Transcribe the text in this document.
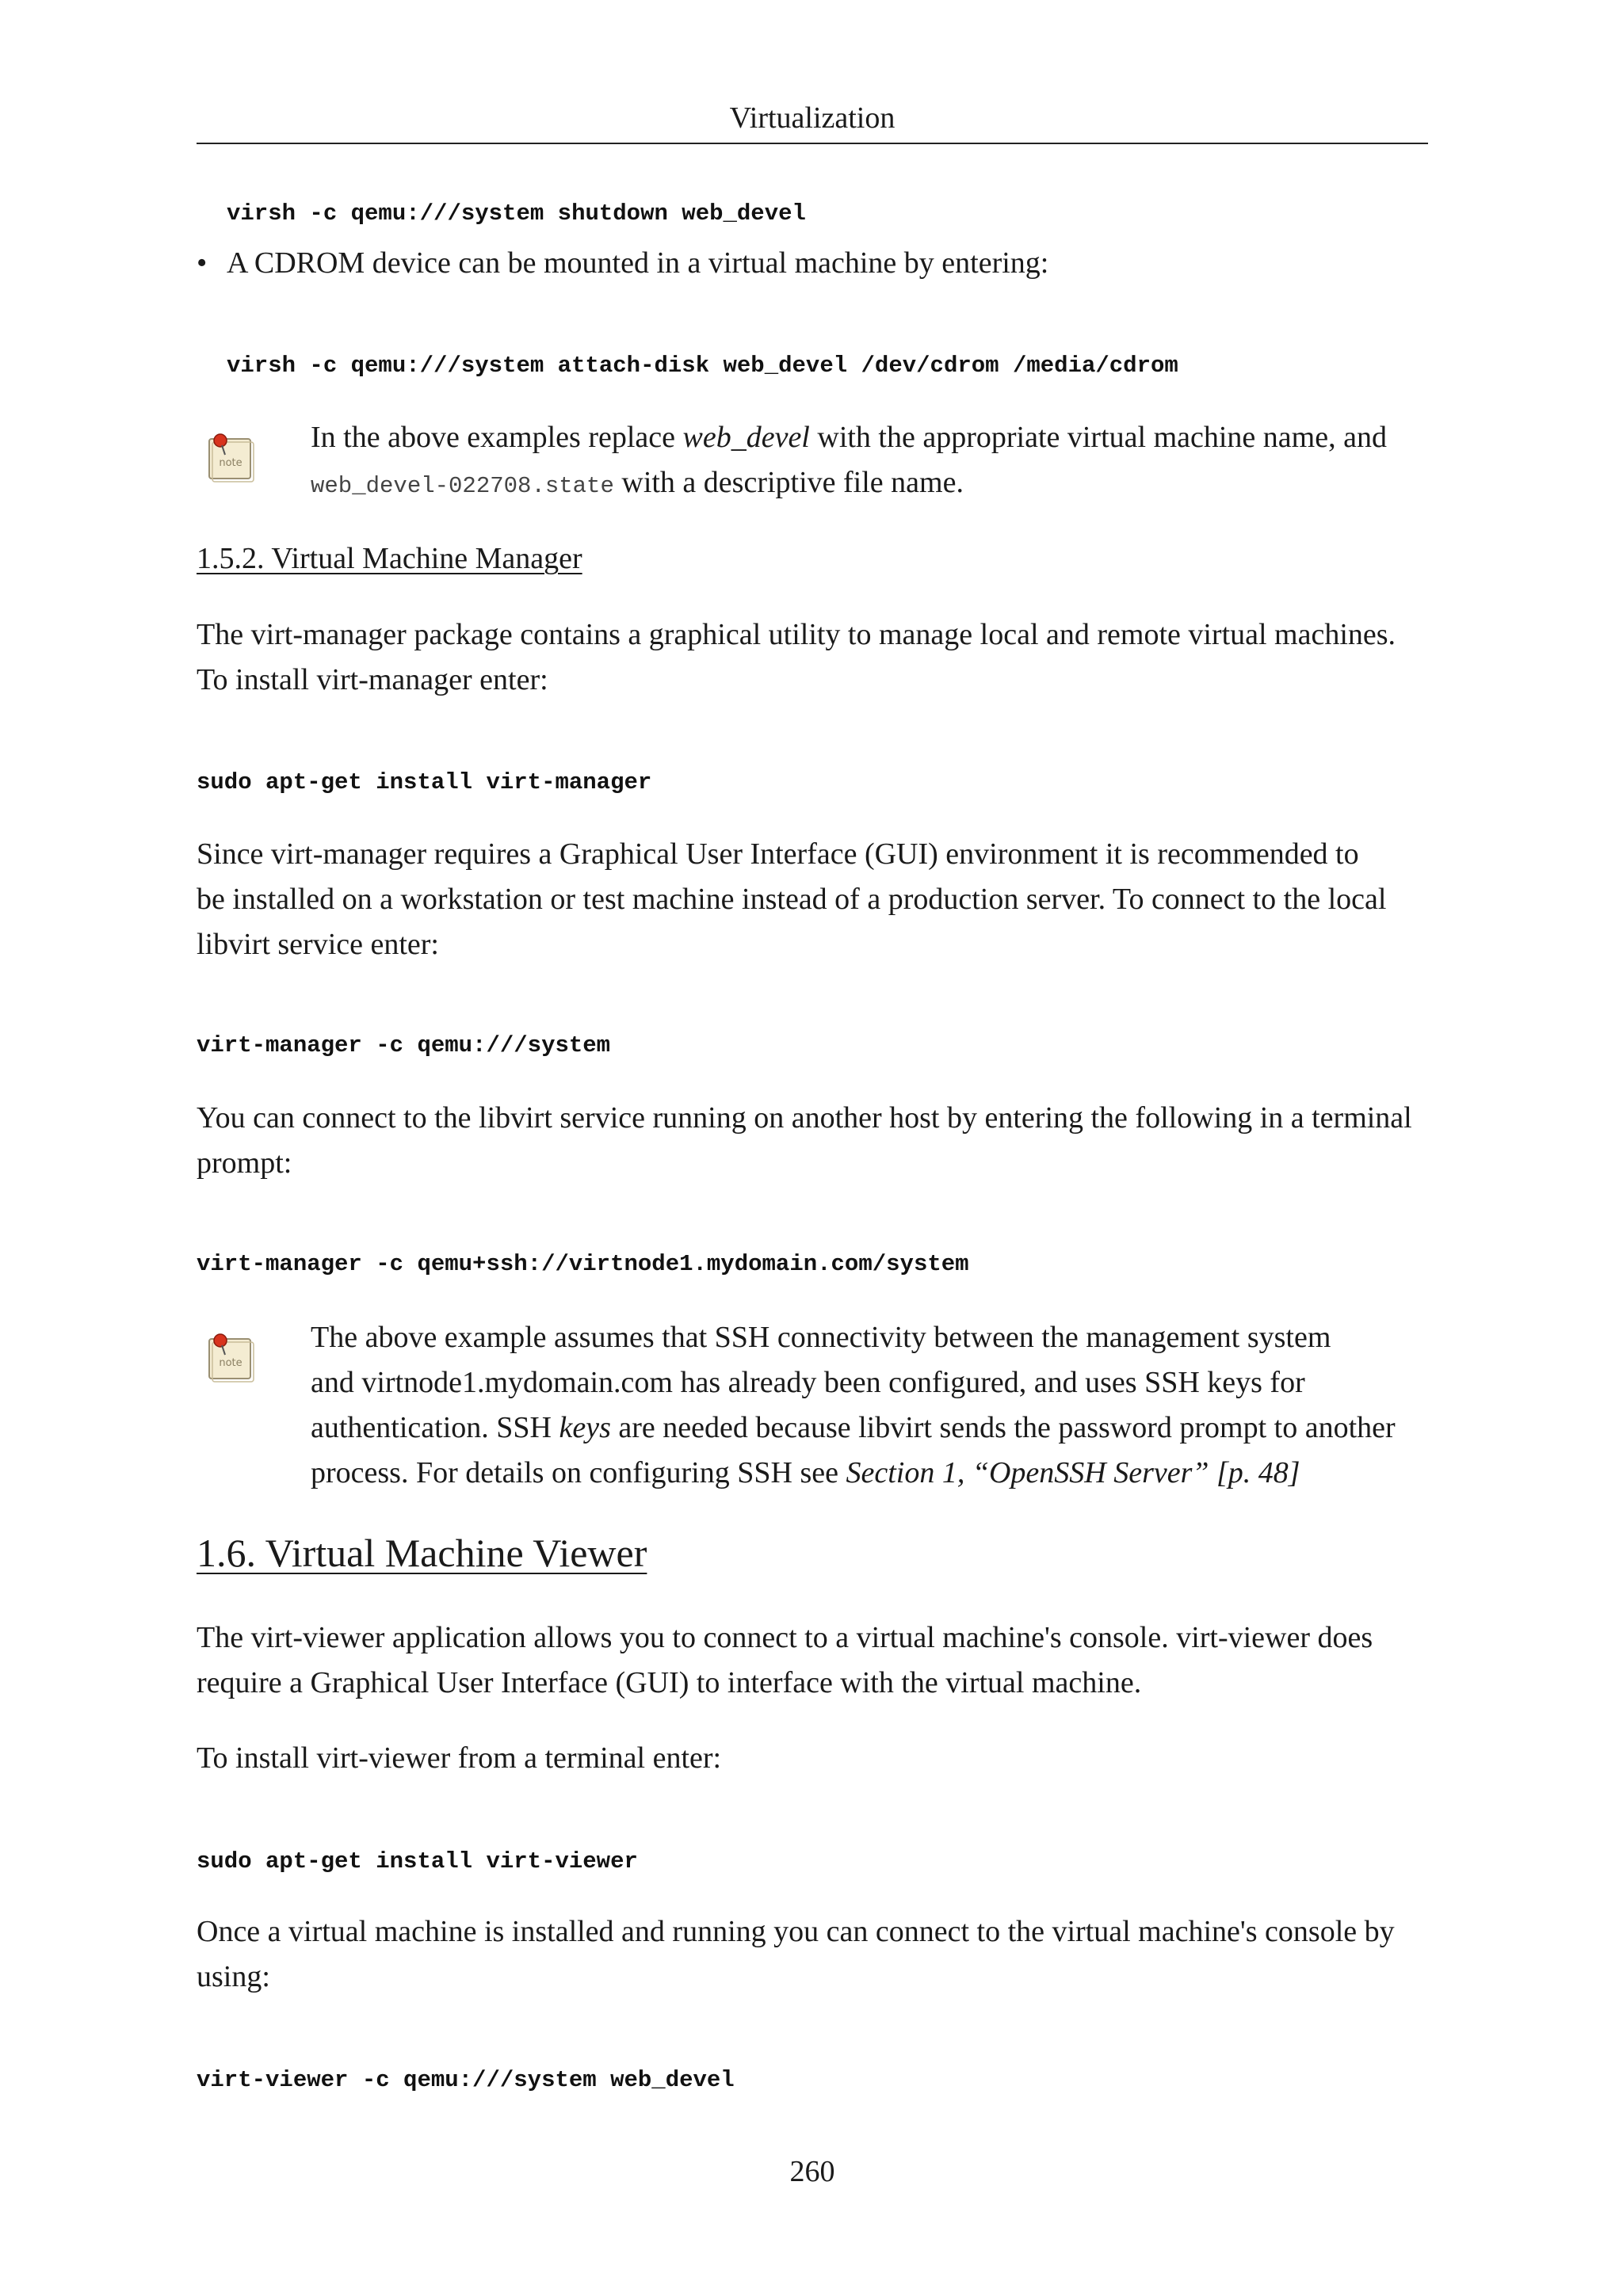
Virtualization
virsh -c qemu:///system shutdown web_devel
• A CDROM device can be mounted in a virtual machine by entering:
virsh -c qemu:///system attach-disk web_devel /dev/cdrom /media/cdrom
note
In the above examples replace web_devel with the appropriate virtual machine name, and
web_devel-022708.state with a descriptive file name.
1.5.2. Virtual Machine Manager

The virt-manager package contains a graphical utility to manage local and remote virtual machines.
To install virt-manager enter:

sudo apt-get install virt-manager

Since virt-manager requires a Graphical User Interface (GUI) environment it is recommended to
be installed on a workstation or test machine instead of a production server. To connect to the local
libvirt service enter:

virt-manager -c qemu:///system

You can connect to the libvirt service running on another host by entering the following in a terminal
prompt:

virt-manager -c qemu+ssh://virtnode1.mydomain.com/system
note
The above example assumes that SSH connectivity between the management system
and virtnode1.mydomain.com has already been configured, and uses SSH keys for
authentication. SSH keys are needed because libvirt sends the password prompt to another
process. For details on configuring SSH see Section 1, “OpenSSH Server” [p. 48]
1.6. Virtual Machine Viewer

The virt-viewer application allows you to connect to a virtual machine's console. virt-viewer does
require a Graphical User Interface (GUI) to interface with the virtual machine.

To install virt-viewer from a terminal enter:

sudo apt-get install virt-viewer

Once a virtual machine is installed and running you can connect to the virtual machine's console by
using:

virt-viewer -c qemu:///system web_devel
260
